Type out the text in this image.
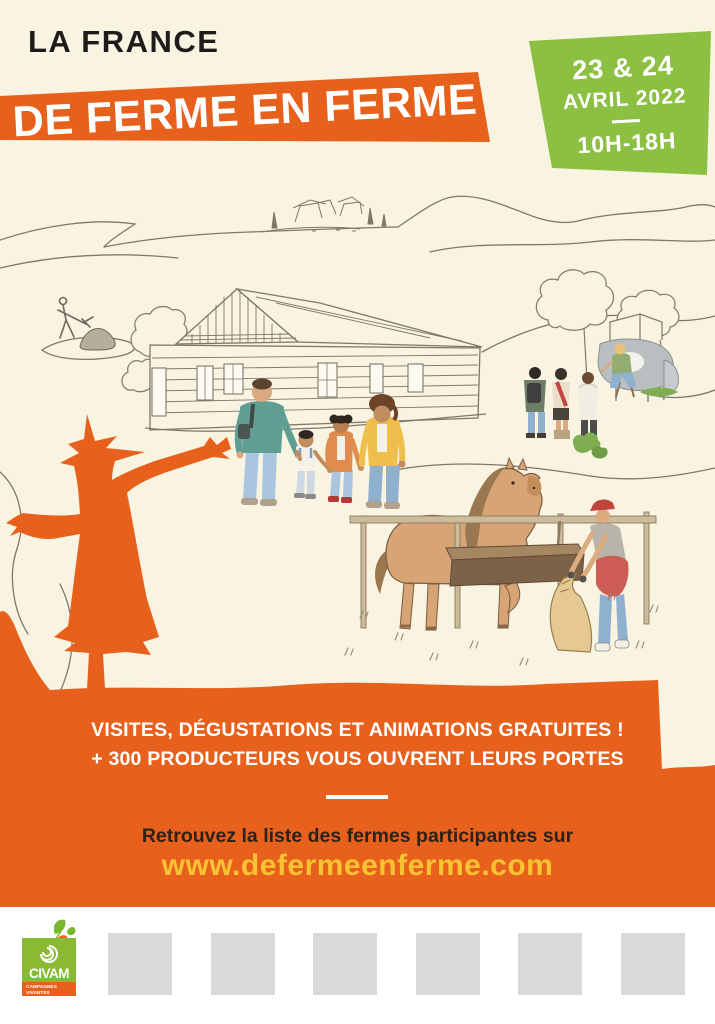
LA FRANCE
DE FERME EN FERME
23 & 24
AVRIL 2022
10H-18H
VISITES, DÉGUSTATIONS ET ANIMATIONS GRATUITES !
+ 300 PRODUCTEURS VOUS OUVRENT LEURS PORTES
Retrouvez la liste des fermes participantes sur
www.defermeenferme.com
CIVAM
CAMPAGNES
VIVANTES
